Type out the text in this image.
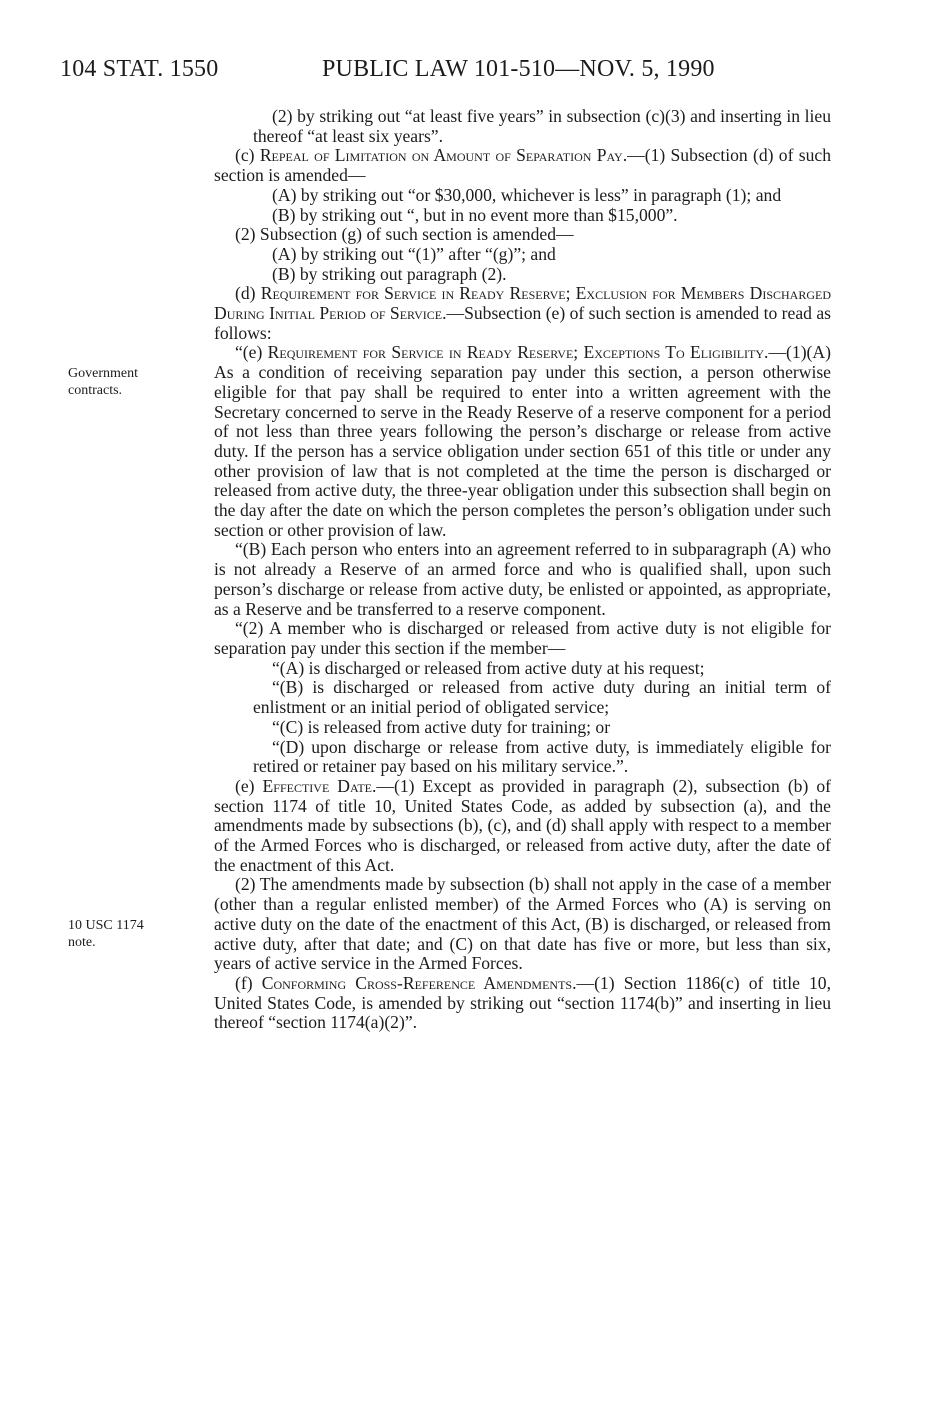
104 STAT. 1550	PUBLIC LAW 101-510—NOV. 5, 1990
Government
contracts.
10 USC 1174
note.

(2) by striking out “at least five years” in subsection (c)(3) and inserting in lieu thereof “at least six years”.

(c) Repeal of Limitation on Amount of Separation Pay.—(1) Subsection (d) of such section is amended—

(A) by striking out “or $30,000, whichever is less” in paragraph (1); and

(B) by striking out “, but in no event more than $15,000”.

(2) Subsection (g) of such section is amended—

(A) by striking out “(1)” after “(g)”; and

(B) by striking out paragraph (2).

(d) Requirement for Service in Ready Reserve; Exclusion for Members Discharged During Initial Period of Service.—Subsection (e) of such section is amended to read as follows:

“(e) Requirement for Service in Ready Reserve; Exceptions To Eligibility.—(1)(A) As a condition of receiving separation pay under this section, a person otherwise eligible for that pay shall be required to enter into a written agreement with the Secretary concerned to serve in the Ready Reserve of a reserve component for a period of not less than three years following the person’s discharge or release from active duty. If the person has a service obligation under section 651 of this title or under any other provision of law that is not completed at the time the person is discharged or released from active duty, the three-year obligation under this subsection shall begin on the day after the date on which the person completes the person’s obligation under such section or other provision of law.

“(B) Each person who enters into an agreement referred to in subparagraph (A) who is not already a Reserve of an armed force and who is qualified shall, upon such person’s discharge or release from active duty, be enlisted or appointed, as appropriate, as a Reserve and be transferred to a reserve component.

“(2) A member who is discharged or released from active duty is not eligible for separation pay under this section if the member—

“(A) is discharged or released from active duty at his request;

“(B) is discharged or released from active duty during an initial term of enlistment or an initial period of obligated service;

“(C) is released from active duty for training; or

“(D) upon discharge or release from active duty, is immediately eligible for retired or retainer pay based on his military service.”.

(e) Effective Date.—(1) Except as provided in paragraph (2), subsection (b) of section 1174 of title 10, United States Code, as added by subsection (a), and the amendments made by subsections (b), (c), and (d) shall apply with respect to a member of the Armed Forces who is discharged, or released from active duty, after the date of the enactment of this Act.

(2) The amendments made by subsection (b) shall not apply in the case of a member (other than a regular enlisted member) of the Armed Forces who (A) is serving on active duty on the date of the enactment of this Act, (B) is discharged, or released from active duty, after that date; and (C) on that date has five or more, but less than six, years of active service in the Armed Forces.

(f) Conforming Cross-Reference Amendments.—(1) Section 1186(c) of title 10, United States Code, is amended by striking out “section 1174(b)” and inserting in lieu thereof “section 1174(a)(2)”.
